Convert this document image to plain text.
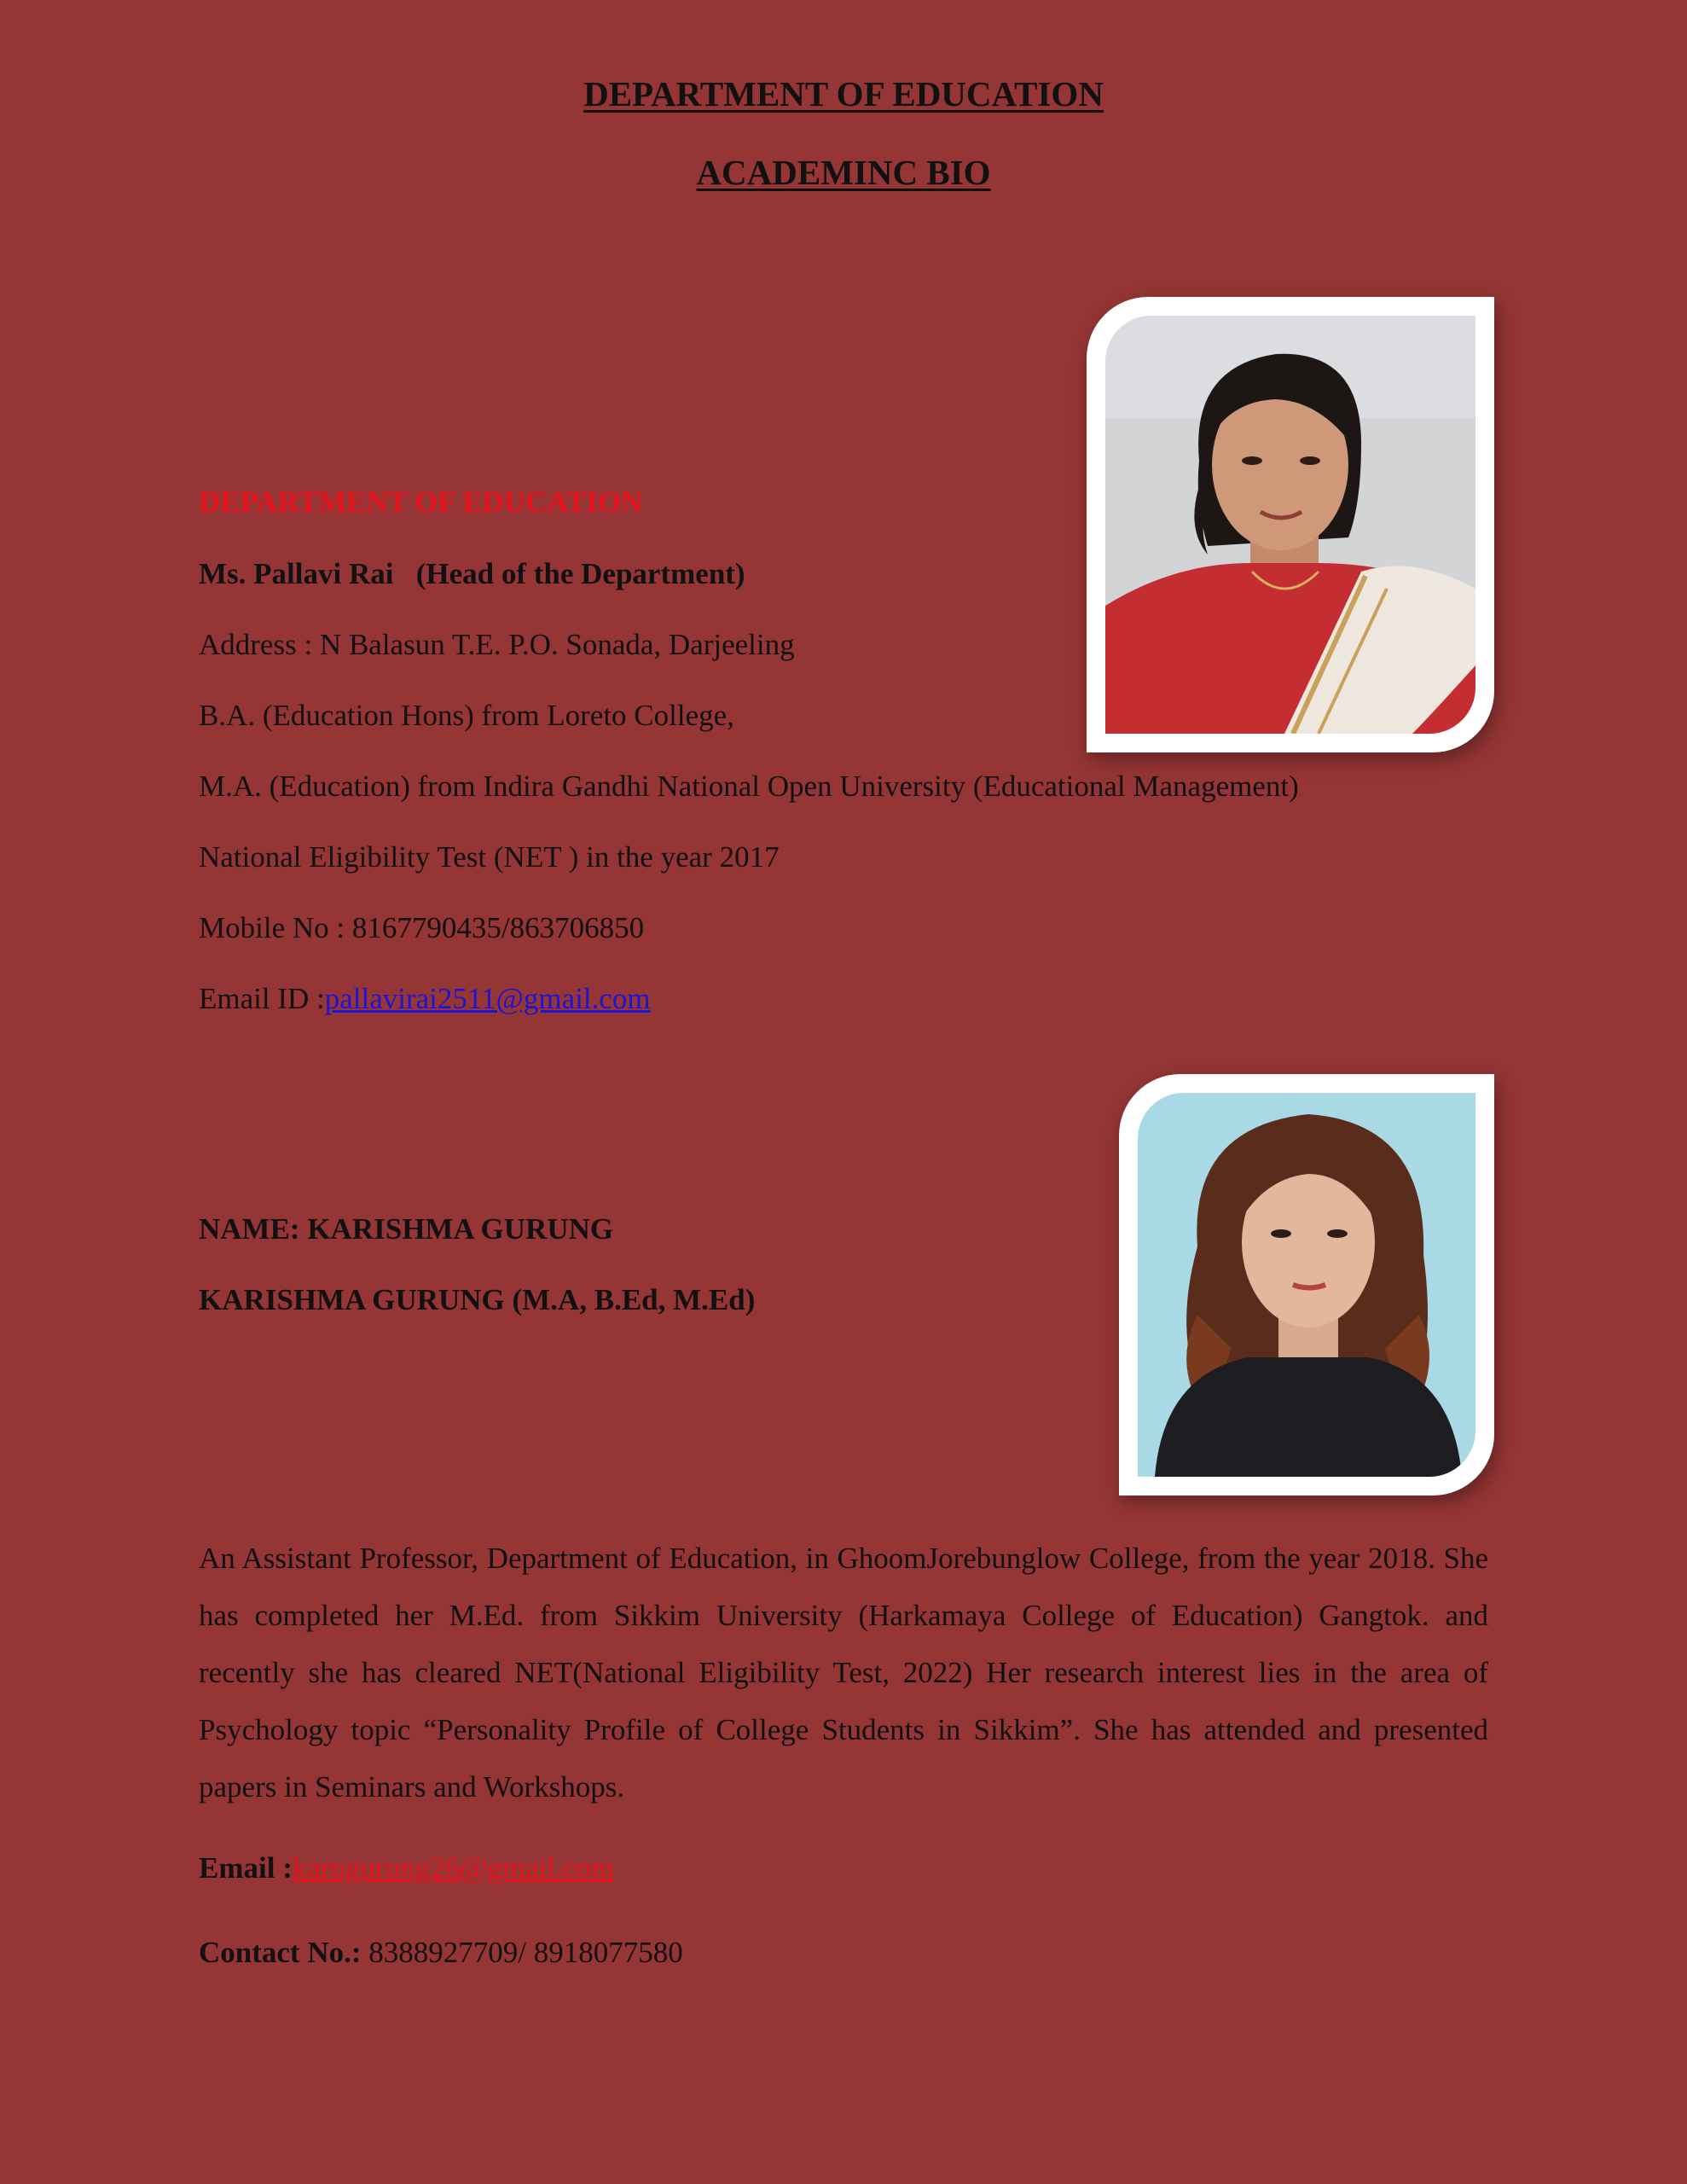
DEPARTMENT OF EDUCATION
ACADEMINC BIO
DEPARTMENT OF EDUCATION
Ms. Pallavi Rai (Head of the Department)
Address : N Balasun T.E. P.O. Sonada, Darjeeling
B.A. (Education Hons) from Loreto College,
M.A. (Education) from Indira Gandhi National Open University (Educational Management)
National Eligibility Test (NET ) in the year 2017
Mobile No : 8167790435/863706850
Email ID :pallavirai2511@gmail.com
NAME: KARISHMA GURUNG
KARISHMA GURUNG (M.A, B.Ed, M.Ed)
An Assistant Professor, Department of Education, in GhoomJorebunglow College, from the year 2018. She has completed her M.Ed. from Sikkim University (Harkamaya College of Education) Gangtok. and recently she has cleared NET(National Eligibility Test, 2022) Her research interest lies in the area of Psychology topic “Personality Profile of College Students in Sikkim”. She has attended and presented papers in Seminars and Workshops.
Email :karugurung26@gmail.com
Contact No.: 8388927709/ 8918077580
